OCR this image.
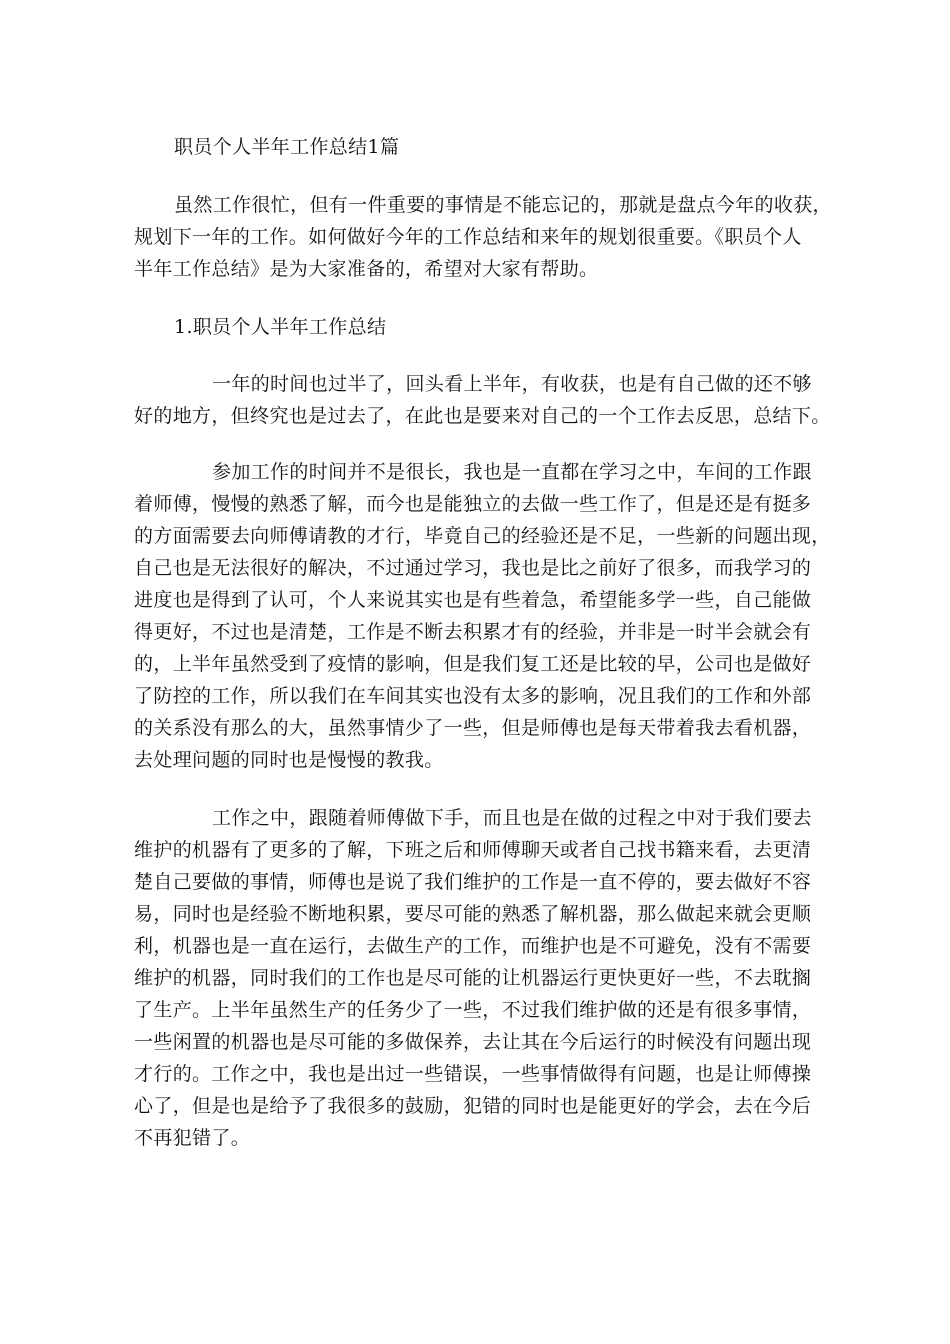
职员个人半年工作总结1篇
虽然工作很忙，但有一件重要的事情是不能忘记的，那就是盘点今年的收获，
规划下一年的工作。如何做好今年的工作总结和来年的规划很重要。《职员个人
半年工作总结》是为大家准备的，希望对大家有帮助。
1.职员个人半年工作总结
一年的时间也过半了，回头看上半年，有收获，也是有自己做的还不够
好的地方，但终究也是过去了，在此也是要来对自己的一个工作去反思，总结下。
参加工作的时间并不是很长，我也是一直都在学习之中，车间的工作跟
着师傅，慢慢的熟悉了解，而今也是能独立的去做一些工作了，但是还是有挺多
的方面需要去向师傅请教的才行，毕竟自己的经验还是不足，一些新的问题出现，
自己也是无法很好的解决，不过通过学习，我也是比之前好了很多，而我学习的
进度也是得到了认可，个人来说其实也是有些着急，希望能多学一些，自己能做
得更好，不过也是清楚，工作是不断去积累才有的经验，并非是一时半会就会有
的，上半年虽然受到了疫情的影响，但是我们复工还是比较的早，公司也是做好
了防控的工作，所以我们在车间其实也没有太多的影响，况且我们的工作和外部
的关系没有那么的大，虽然事情少了一些，但是师傅也是每天带着我去看机器，
去处理问题的同时也是慢慢的教我。
工作之中，跟随着师傅做下手，而且也是在做的过程之中对于我们要去
维护的机器有了更多的了解，下班之后和师傅聊天或者自己找书籍来看，去更清
楚自己要做的事情，师傅也是说了我们维护的工作是一直不停的，要去做好不容
易，同时也是经验不断地积累，要尽可能的熟悉了解机器，那么做起来就会更顺
利，机器也是一直在运行，去做生产的工作，而维护也是不可避免，没有不需要
维护的机器，同时我们的工作也是尽可能的让机器运行更快更好一些，不去耽搁
了生产。上半年虽然生产的任务少了一些，不过我们维护做的还是有很多事情，
一些闲置的机器也是尽可能的多做保养，去让其在今后运行的时候没有问题出现
才行的。工作之中，我也是出过一些错误，一些事情做得有问题，也是让师傅操
心了，但是也是给予了我很多的鼓励，犯错的同时也是能更好的学会，去在今后
不再犯错了。
